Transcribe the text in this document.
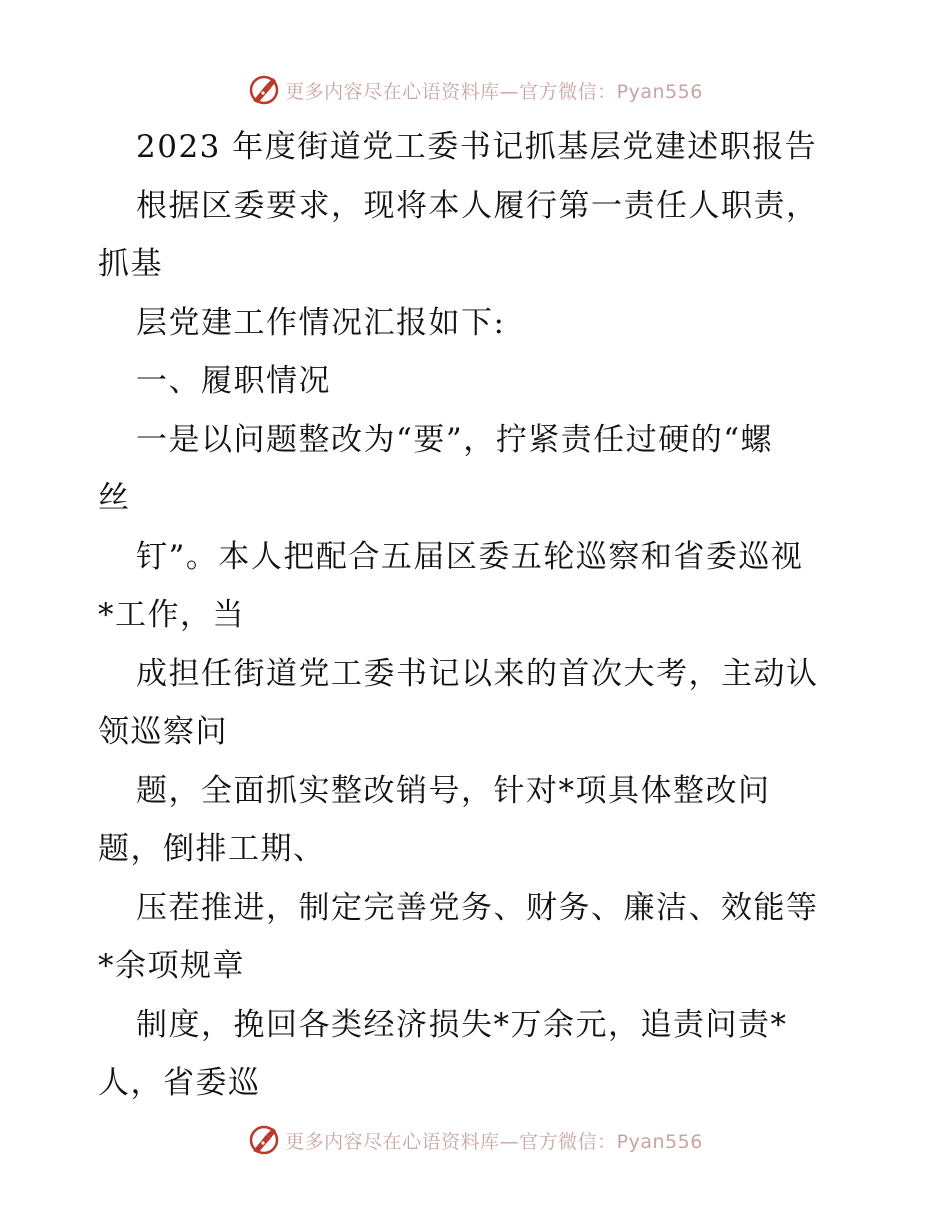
更多内容尽在心语资料库—官方微信：Pyan556
2023 年度街道党工委书记抓基层党建述职报告
根据区委要求，现将本人履行第一责任人职责，
抓基
层党建工作情况汇报如下:
一、履职情况
一是以问题整改为“要”，拧紧责任过硬的“螺
丝
钉”。本人把配合五届区委五轮巡察和省委巡视
*工作，当
成担任街道党工委书记以来的首次大考，主动认
领巡察问
题，全面抓实整改销号，针对*项具体整改问
题，倒排工期、
压茬推进，制定完善党务、财务、廉洁、效能等
*余项规章
制度，挽回各类经济损失*万余元，追责问责*
人，省委巡
更多内容尽在心语资料库—官方微信：Pyan556
